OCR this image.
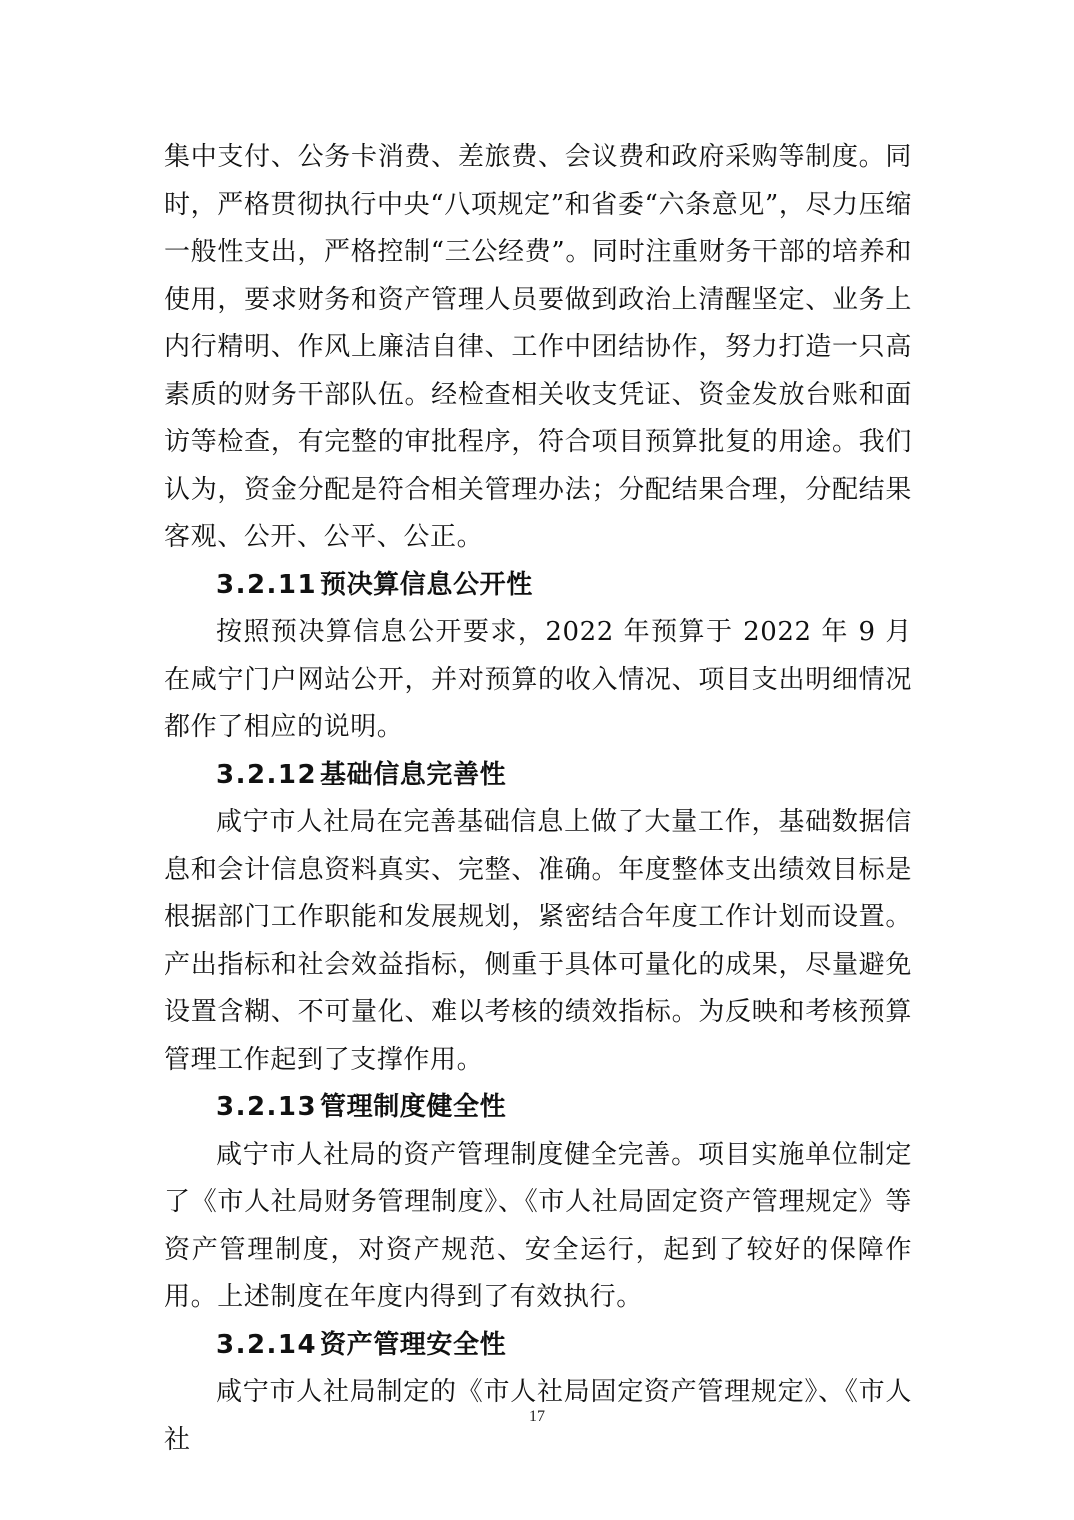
集中支付、公务卡消费、差旅费、会议费和政府采购等制度。同时，严格贯彻执行中央“八项规定”和省委“六条意见”，尽力压缩一般性支出，严格控制“三公经费”。同时注重财务干部的培养和使用，要求财务和资产管理人员要做到政治上清醒坚定、业务上内行精明、作风上廉洁自律、工作中团结协作，努力打造一只高素质的财务干部队伍。经检查相关收支凭证、资金发放台账和面访等检查，有完整的审批程序，符合项目预算批复的用途。我们认为，资金分配是符合相关管理办法；分配结果合理，分配结果客观、公开、公平、公正。

3.2.11 预决算信息公开性

按照预决算信息公开要求，2022 年预算于 2022 年 9 月在咸宁门户网站公开，并对预算的收入情况、项目支出明细情况都作了相应的说明。

3.2.12 基础信息完善性

咸宁市人社局在完善基础信息上做了大量工作，基础数据信息和会计信息资料真实、完整、准确。年度整体支出绩效目标是根据部门工作职能和发展规划，紧密结合年度工作计划而设置。产出指标和社会效益指标，侧重于具体可量化的成果，尽量避免设置含糊、不可量化、难以考核的绩效指标。为反映和考核预算管理工作起到了支撑作用。

3.2.13 管理制度健全性

咸宁市人社局的资产管理制度健全完善。项目实施单位制定了《市人社局财务管理制度》、《市人社局固定资产管理规定》等资产管理制度，对资产规范、安全运行，起到了较好的保障作用。上述制度在年度内得到了有效执行。

3.2.14 资产管理安全性

咸宁市人社局制定的《市人社局固定资产管理规定》、《市人社

17
